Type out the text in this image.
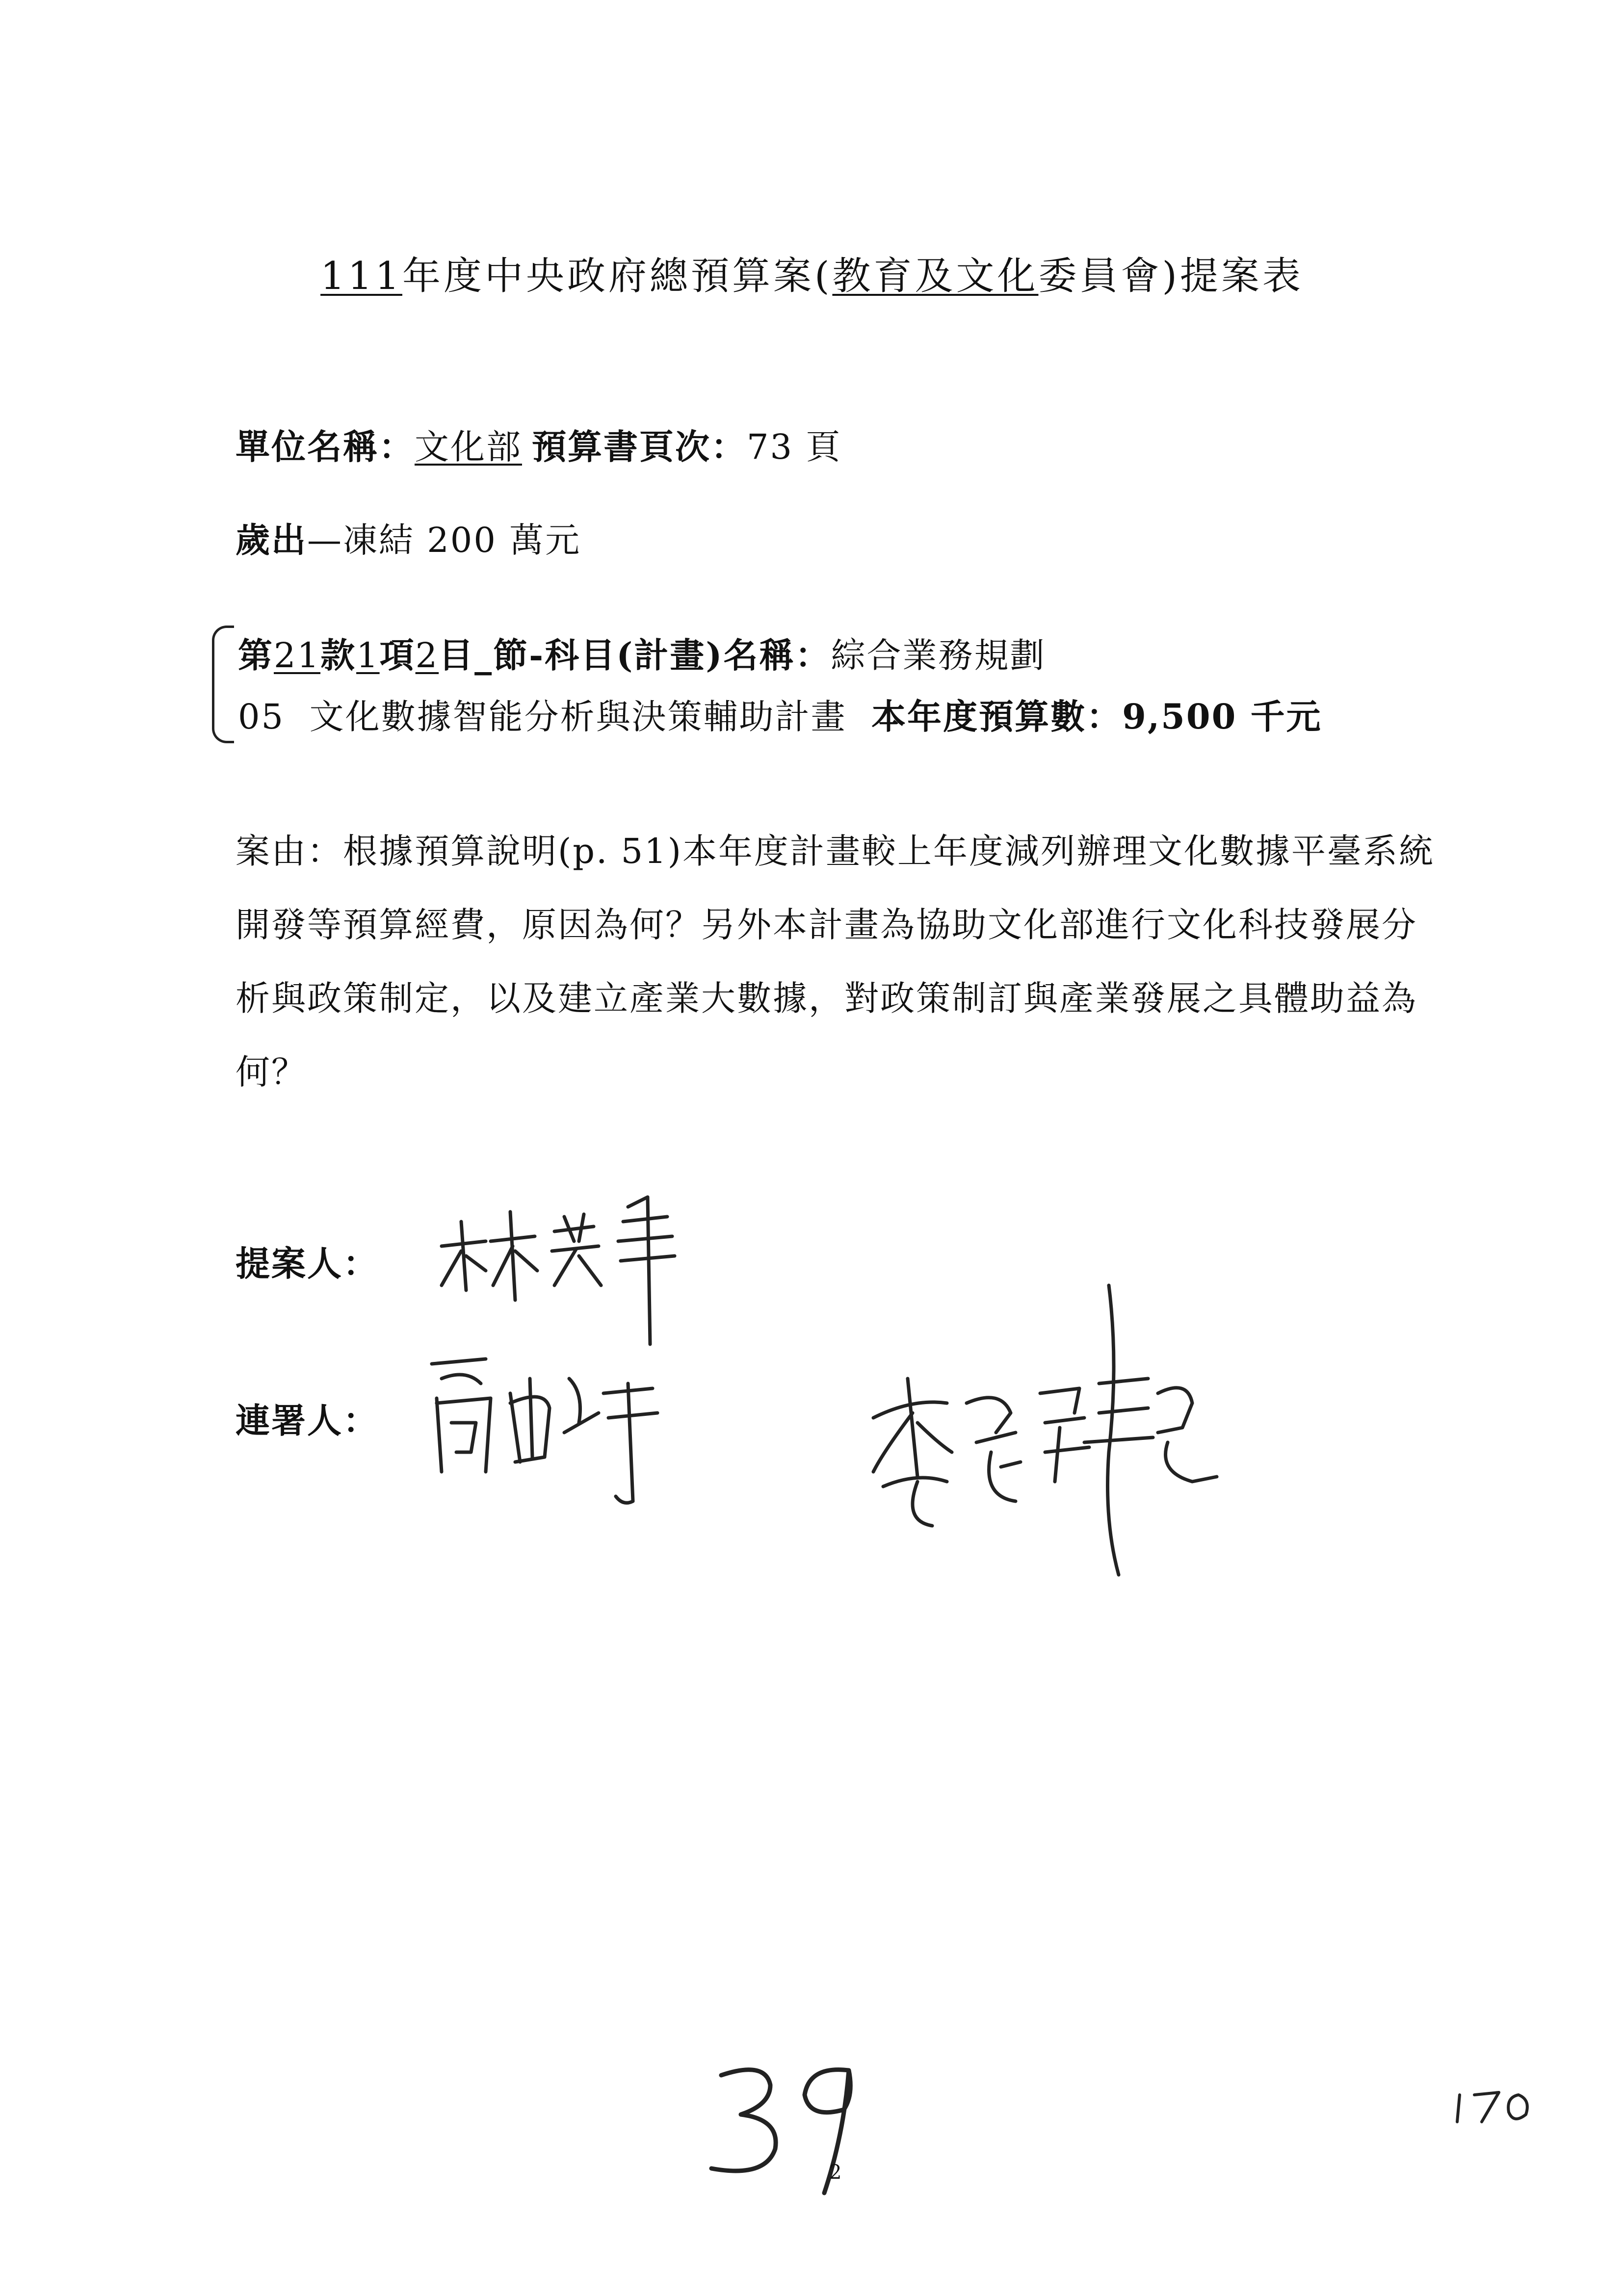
111年度中央政府總預算案(教育及文化委員會)提案表
單位名稱：文化部 預算書頁次：73 頁
歲出—凍結 200 萬元
第21款1項2目_節-科目(計畫)名稱：綜合業務規劃
05 文化數據智能分析與決策輔助計畫 本年度預算數：9,500 千元
案由：根據預算說明(p. 51)本年度計畫較上年度減列辦理文化數據平臺系統開發等預算經費，原因為何？另外本計畫為協助文化部進行文化科技發展分析與政策制定，以及建立產業大數據，對政策制訂與產業發展之具體助益為何？
提案人：
連署人：
2
